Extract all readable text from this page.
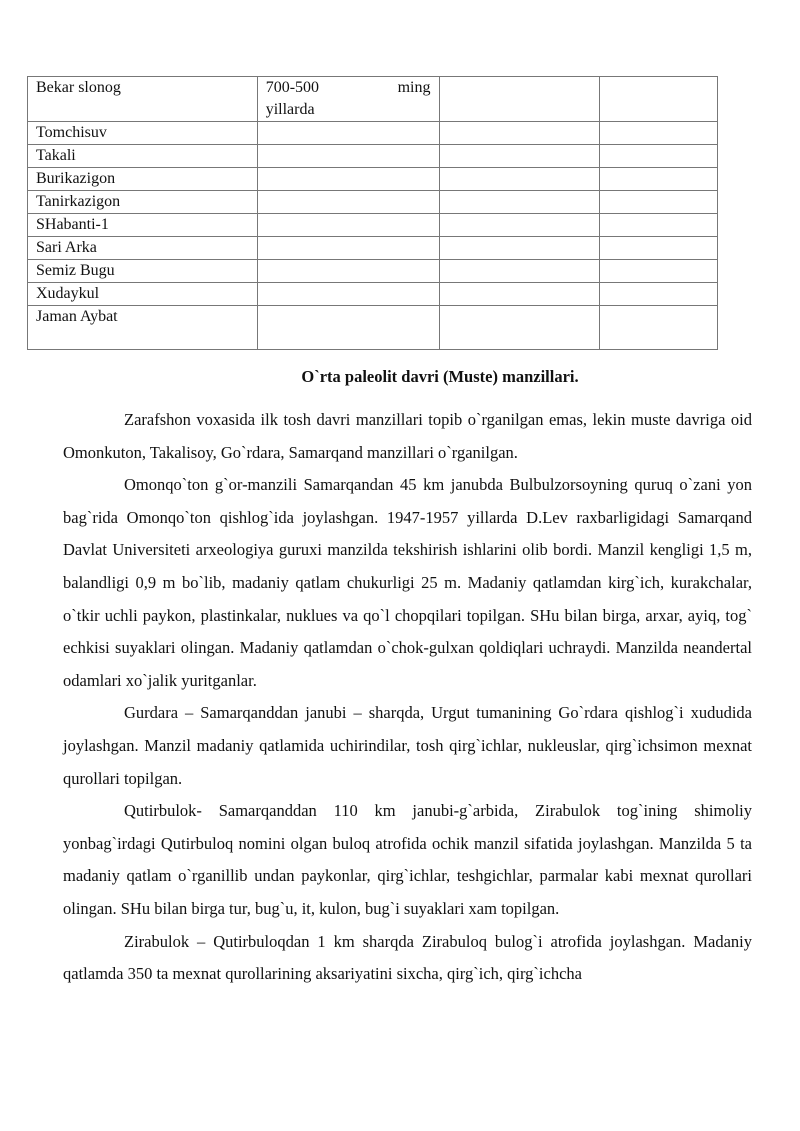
Bekar slonog	700-500 ming
yillarda		

Tomchisuv			
Takali			
Burikazigon			
Tanirkazigon			
SHabanti-1			
Sari Arka			
Semiz Bugu			
Xudaykul			
Jaman Aybat			
O`rta paleolit davri (Muste) manzillari.

Zarafshon voxasida ilk tosh davri manzillari topib o`rganilgan emas, lekin muste davriga oid Omonkuton, Takalisoy, Go`rdara, Samarqand manzillari o`rganilgan.

Omonqo`ton g`or-manzili Samarqandan 45 km janubda Bulbulzorsoyning quruq o`zani yon bag`rida Omonqo`ton qishlog`ida joylashgan. 1947-1957 yillarda D.Lev raxbarligidagi Samarqand Davlat Universiteti arxeologiya guruxi manzilda tekshirish ishlarini olib bordi. Manzil kengligi 1,5 m, balandligi 0,9 m bo`lib, madaniy qatlam chukurligi 25 m. Madaniy qatlamdan kirg`ich, kurakchalar, o`tkir uchli paykon, plastinkalar, nuklues va qo`l chopqilari topilgan. SHu bilan birga, arxar, ayiq, tog` echkisi suyaklari olingan. Madaniy qatlamdan o`chok-gulxan qoldiqlari uchraydi. Manzilda neandertal odamlari xo`jalik yuritganlar.

Gurdara – Samarqanddan janubi – sharqda, Urgut tumanining Go`rdara qishlog`i xududida joylashgan. Manzil madaniy qatlamida uchirindilar, tosh qirg`ichlar, nukleuslar, qirg`ichsimon mexnat qurollari topilgan.

Qutirbulok- Samarqanddan 110 km janubi-g`arbida, Zirabulok tog`ining shimoliy yonbag`irdagi Qutirbuloq nomini olgan buloq atrofida ochik manzil sifatida joylashgan. Manzilda 5 ta madaniy qatlam o`rganillib undan paykonlar, qirg`ichlar, teshgichlar, parmalar kabi mexnat qurollari olingan. SHu bilan birga tur, bug`u, it, kulon, bug`i suyaklari xam topilgan.

Zirabulok – Qutirbuloqdan 1 km sharqda Zirabuloq bulog`i atrofida joylashgan. Madaniy qatlamda 350 ta mexnat qurollarining aksariyatini sixcha, qirg`ich, qirg`ichcha
